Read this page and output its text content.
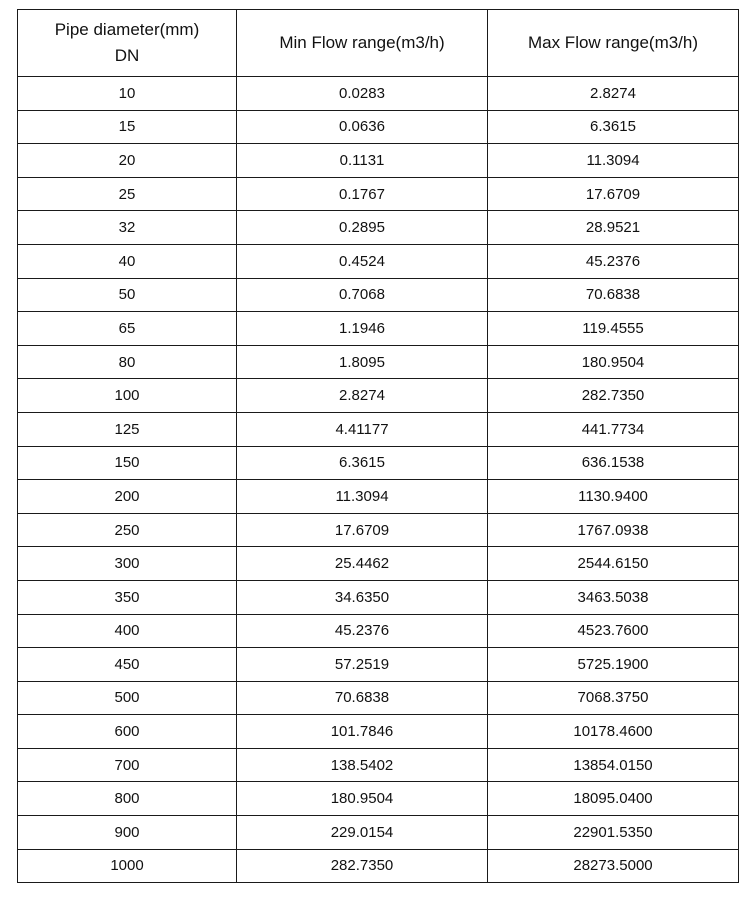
Pipe diameter(mm)
DN	Min Flow range(m3/h)	Max Flow range(m3/h)
10	0.0283	2.8274
15	0.0636	6.3615
20	0.1131	11.3094
25	0.1767	17.6709
32	0.2895	28.9521
40	0.4524	45.2376
50	0.7068	70.6838
65	1.1946	119.4555
80	1.8095	180.9504
100	2.8274	282.7350
125	4.41177	441.7734
150	6.3615	636.1538
200	11.3094	1130.9400
250	17.6709	1767.0938
300	25.4462	2544.6150
350	34.6350	3463.5038
400	45.2376	4523.7600
450	57.2519	5725.1900
500	70.6838	7068.3750
600	101.7846	10178.4600
700	138.5402	13854.0150
800	180.9504	18095.0400
900	229.0154	22901.5350
1000	282.7350	28273.5000
